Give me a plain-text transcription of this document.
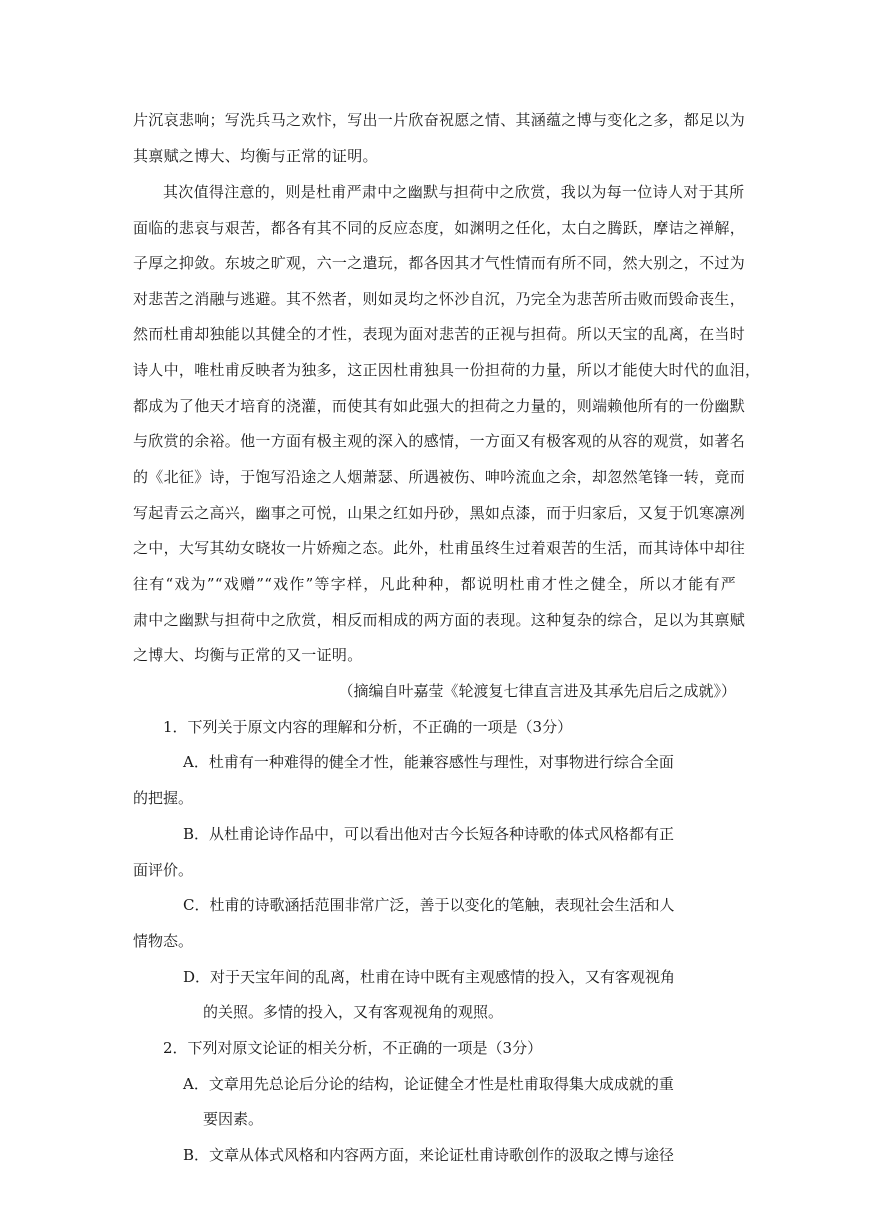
片沉哀悲响；写洗兵马之欢忭，写出一片欣奋祝愿之情、其涵蕴之博与变化之多，都足以为
其禀赋之博大、均衡与正常的证明。
其次值得注意的，则是杜甫严肃中之幽默与担荷中之欣赏，我以为每一位诗人对于其所
面临的悲哀与艰苦，都各有其不同的反应态度，如渊明之任化，太白之腾跃，摩诘之禅解，
子厚之抑敛。东坡之旷观，六一之遣玩，都各因其才气性情而有所不同，然大别之，不过为
对悲苦之消融与逃避。其不然者，则如灵均之怀沙自沉，乃完全为悲苦所击败而毁命丧生，
然而杜甫却独能以其健全的才性，表现为面对悲苦的正视与担荷。所以天宝的乱离，在当时
诗人中，唯杜甫反映者为独多，这正因杜甫独具一份担荷的力量，所以才能使大时代的血泪，
都成为了他天才培育的浇灌，而使其有如此强大的担荷之力量的，则端赖他所有的一份幽默
与欣赏的余裕。他一方面有极主观的深入的感情，一方面又有极客观的从容的观赏，如著名
的《北征》诗，于饱写沿途之人烟萧瑟、所遇被伤、呻吟流血之余，却忽然笔锋一转，竟而
写起青云之高兴，幽事之可悦，山果之红如丹砂，黑如点漆，而于归家后，又复于饥寒凛冽
之中，大写其幼女晓妆一片娇痴之态。此外，杜甫虽终生过着艰苦的生活，而其诗体中却往
往有“戏为”“戏赠”“戏作”等字样，凡此种种，都说明杜甫才性之健全，所以才能有严
肃中之幽默与担荷中之欣赏，相反而相成的两方面的表现。这种复杂的综合，足以为其禀赋
之博大、均衡与正常的又一证明。
（摘编自叶嘉莹《轮渡复七律直言进及其承先启后之成就》）
1．下列关于原文内容的理解和分析，不正确的一项是（3分）
A．杜甫有一种难得的健全才性，能兼容感性与理性，对事物进行综合全面
的把握。
B．从杜甫论诗作品中，可以看出他对古今长短各种诗歌的体式风格都有正
面评价。
C．杜甫的诗歌涵括范围非常广泛，善于以变化的笔触，表现社会生活和人
情物态。
D．对于天宝年间的乱离，杜甫在诗中既有主观感情的投入，又有客观视角
的关照。多情的投入，又有客观视角的观照。
2．下列对原文论证的相关分析，不正确的一项是（3分）
A．文章用先总论后分论的结构，论证健全才性是杜甫取得集大成成就的重
要因素。
B．文章从体式风格和内容两方面，来论证杜甫诗歌创作的汲取之博与途径
